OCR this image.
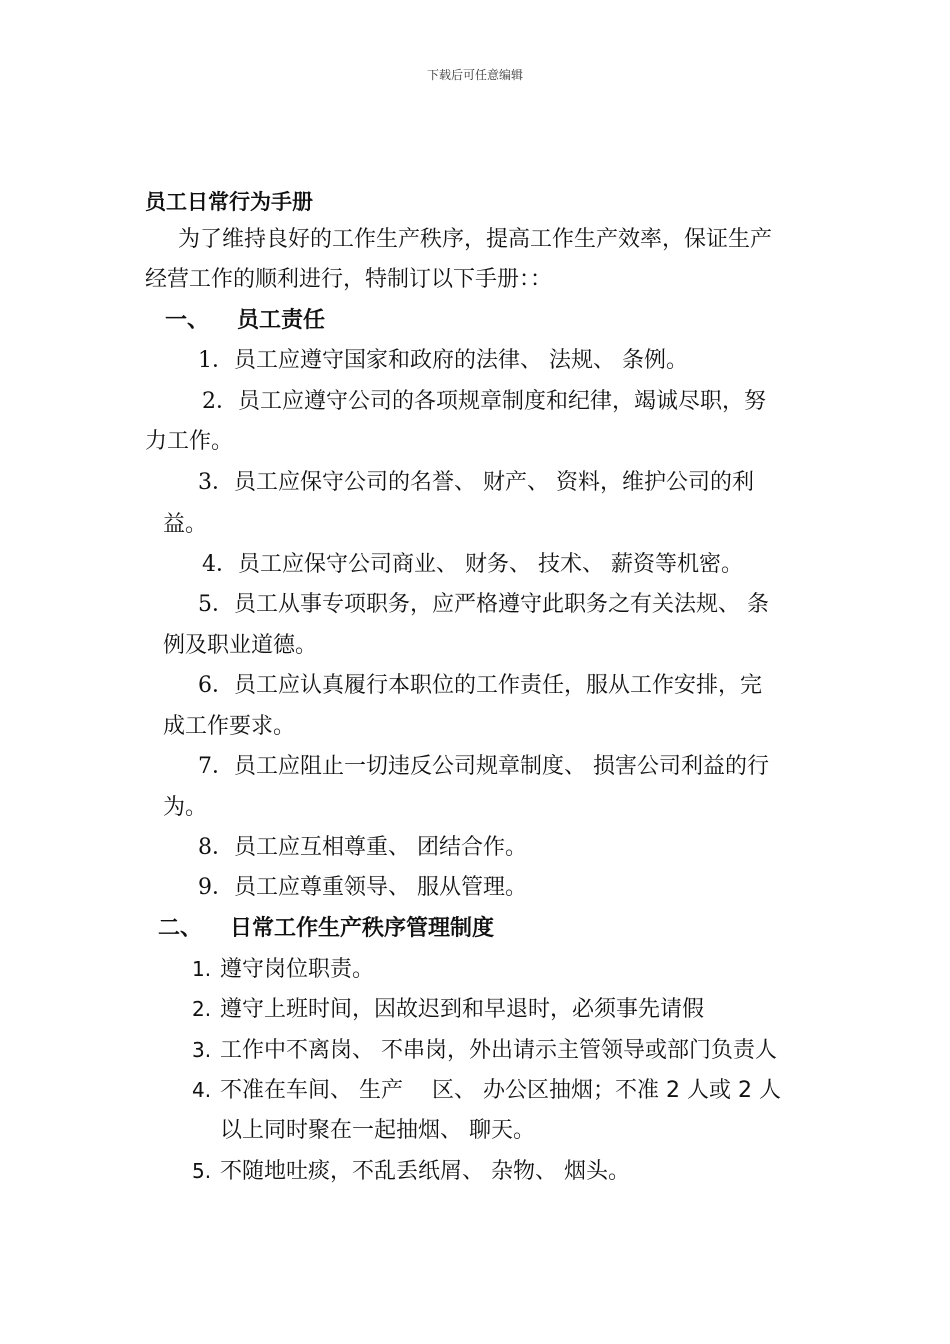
下载后可任意编辑
员工日常行为手册
为了维持良好的工作生产秩序，提高工作生产效率，保证生产
经营工作的顺利进行，特制订以下手册：：
一、 员工责任
1．员工应遵守国家和政府的法律、 法规、 条例。
2．员工应遵守公司的各项规章制度和纪律，竭诚尽职，努
力工作。
3．员工应保守公司的名誉、 财产、 资料，维护公司的利
益。
4．员工应保守公司商业、 财务、 技术、 薪资等机密。
5．员工从事专项职务，应严格遵守此职务之有关法规、 条
例及职业道德。
6．员工应认真履行本职位的工作责任，服从工作安排，完
成工作要求。
7．员工应阻止一切违反公司规章制度、 损害公司利益的行
为。
8．员工应互相尊重、 团结合作。
9．员工应尊重领导、 服从管理。
二、 日常工作生产秩序管理制度
1. 遵守岗位职责。
2. 遵守上班时间，因故迟到和早退时，必须事先请假
3. 工作中不离岗、 不串岗，外出请示主管领导或部门负责人
4. 不准在车间、 生产　 区、 办公区抽烟；不准 2 人或 2 人
以上同时聚在一起抽烟、 聊天。
5. 不随地吐痰，不乱丢纸屑、 杂物、 烟头。
